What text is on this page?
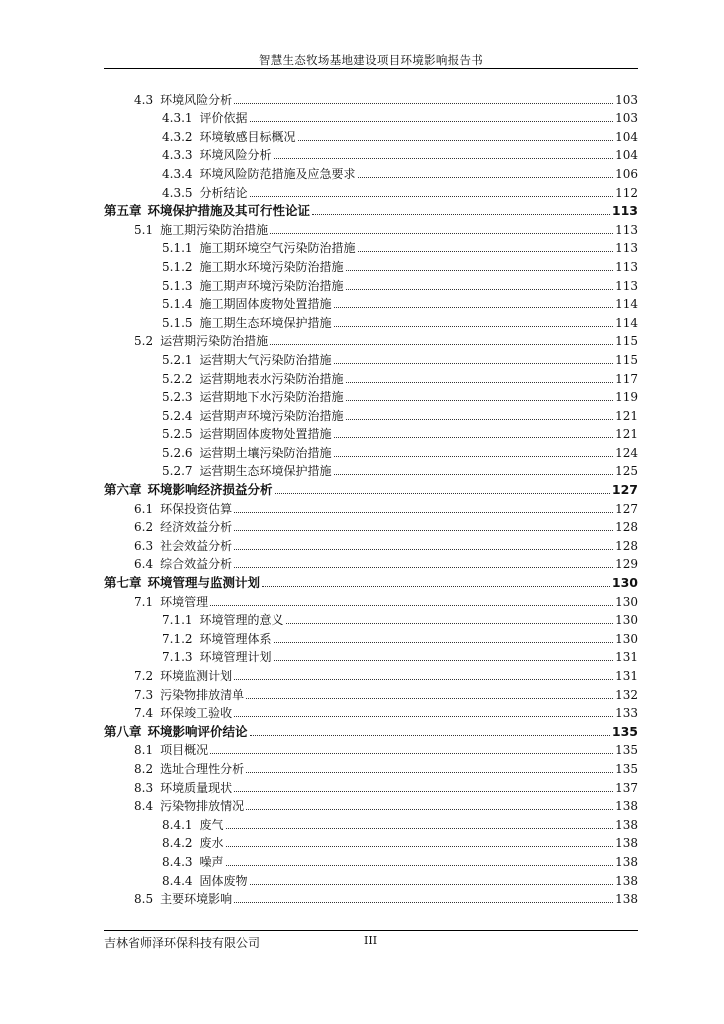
智慧生态牧场基地建设项目环境影响报告书
4.3 环境风险分析	103
4.3.1 评价依据	103
4.3.2 环境敏感目标概况	104
4.3.3 环境风险分析	104
4.3.4 环境风险防范措施及应急要求	106
4.3.5 分析结论	112
第五章 环境保护措施及其可行性论证	113
5.1 施工期污染防治措施	113
5.1.1 施工期环境空气污染防治措施	113
5.1.2 施工期水环境污染防治措施	113
5.1.3 施工期声环境污染防治措施	113
5.1.4 施工期固体废物处置措施	114
5.1.5 施工期生态环境保护措施	114
5.2 运营期污染防治措施	115
5.2.1 运营期大气污染防治措施	115
5.2.2 运营期地表水污染防治措施	117
5.2.3 运营期地下水污染防治措施	119
5.2.4 运营期声环境污染防治措施	121
5.2.5 运营期固体废物处置措施	121
5.2.6 运营期土壤污染防治措施	124
5.2.7 运营期生态环境保护措施	125
第六章 环境影响经济损益分析	127
6.1 环保投资估算	127
6.2 经济效益分析	128
6.3 社会效益分析	128
6.4 综合效益分析	129
第七章 环境管理与监测计划	130
7.1 环境管理	130
7.1.1 环境管理的意义	130
7.1.2 环境管理体系	130
7.1.3 环境管理计划	131
7.2 环境监测计划	131
7.3 污染物排放清单	132
7.4 环保竣工验收	133
第八章 环境影响评价结论	135
8.1 项目概况	135
8.2 选址合理性分析	135
8.3 环境质量现状	137
8.4 污染物排放情况	138
8.4.1 废气	138
8.4.2 废水	138
8.4.3 噪声	138
8.4.4 固体废物	138
8.5 主要环境影响	138
吉林省师泽环保科技有限公司	III
